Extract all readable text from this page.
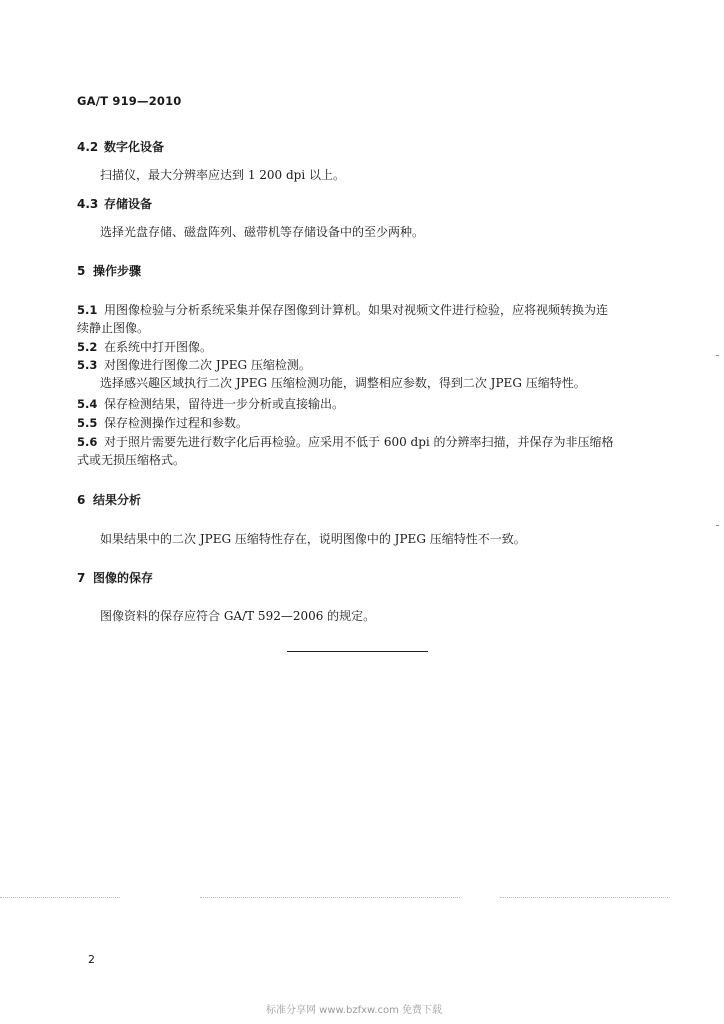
GA/T 919—2010
4.2 数字化设备
扫描仪，最大分辨率应达到 1 200 dpi 以上。
4.3 存储设备
选择光盘存储、磁盘阵列、磁带机等存储设备中的至少两种。
5 操作步骤
5.1 用图像检验与分析系统采集并保存图像到计算机。如果对视频文件进行检验，应将视频转换为连
续静止图像。
5.2 在系统中打开图像。
5.3 对图像进行图像二次 JPEG 压缩检测。
选择感兴趣区域执行二次 JPEG 压缩检测功能，调整相应参数，得到二次 JPEG 压缩特性。
5.4 保存检测结果，留待进一步分析或直接输出。
5.5 保存检测操作过程和参数。
5.6 对于照片需要先进行数字化后再检验。应采用不低于 600 dpi 的分辨率扫描，并保存为非压缩格
式或无损压缩格式。
6 结果分析
如果结果中的二次 JPEG 压缩特性存在，说明图像中的 JPEG 压缩特性不一致。
7 图像的保存
图像资料的保存应符合 GA/T 592—2006 的规定。
2
标准分享网 www.bzfxw.com 免费下载
